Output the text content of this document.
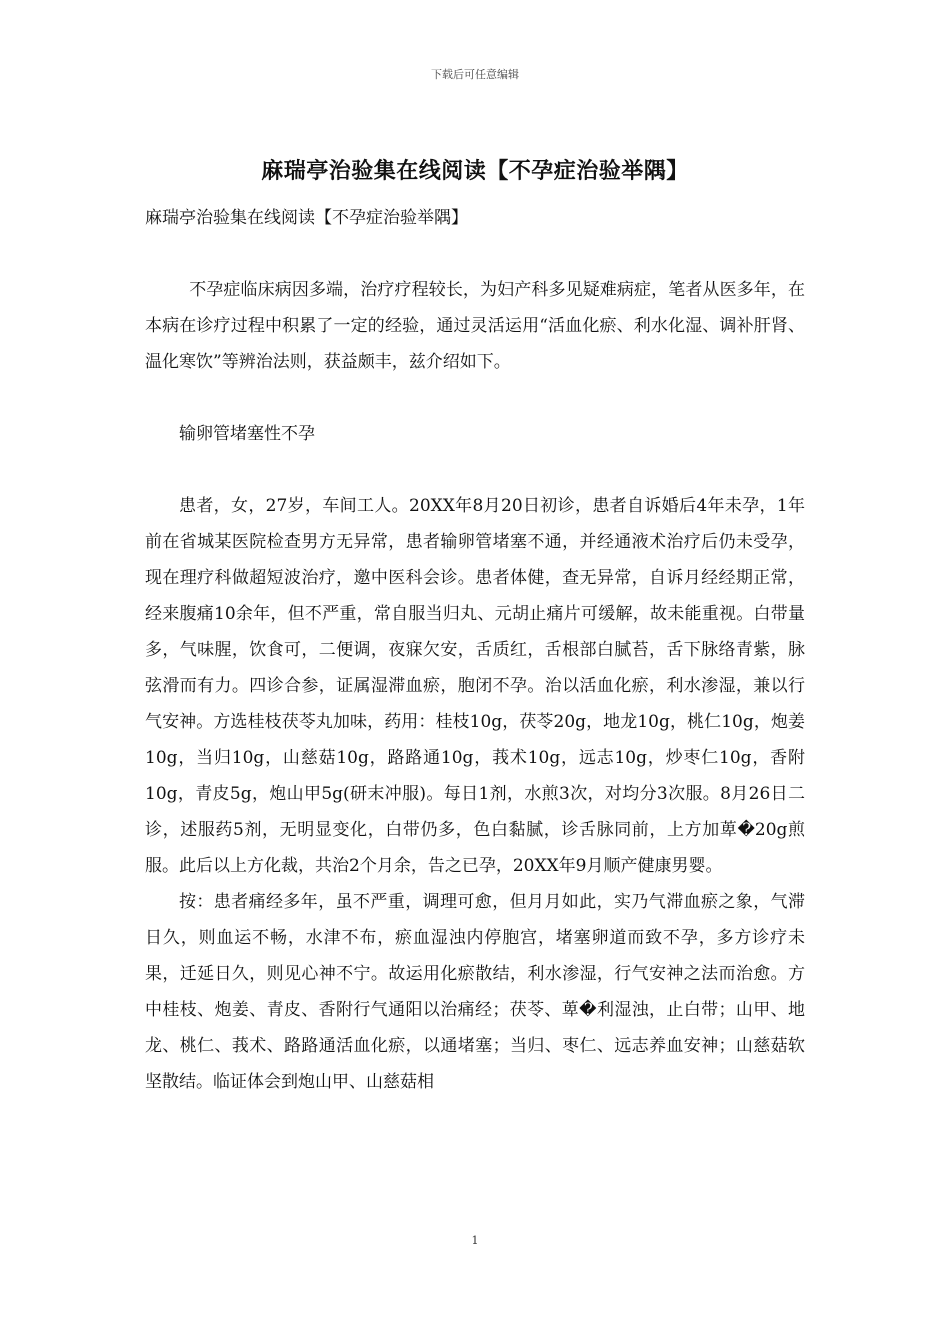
下载后可任意编辑
麻瑞亭治验集在线阅读【不孕症治验举隅】

麻瑞亭治验集在线阅读【不孕症治验举隅】

不孕症临床病因多端，治疗疗程较长，为妇产科多见疑难病症，笔者从医多年，在本病在诊疗过程中积累了一定的经验，通过灵活运用“活血化瘀、利水化湿、调补肝肾、温化寒饮”等辨治法则，获益颇丰，兹介绍如下。

输卵管堵塞性不孕

患者，女，27岁，车间工人。20XX年8月20日初诊，患者自诉婚后4年未孕，1年前在省城某医院检查男方无异常，患者输卵管堵塞不通，并经通液术治疗后仍未受孕，现在理疗科做超短波治疗，邀中医科会诊。患者体健，查无异常，自诉月经经期正常，经来腹痛10余年，但不严重，常自服当归丸、元胡止痛片可缓解，故未能重视。白带量多，气味腥，饮食可，二便调，夜寐欠安，舌质红，舌根部白腻苔，舌下脉络青紫，脉弦滑而有力。四诊合参，证属湿滞血瘀，胞闭不孕。治以活血化瘀，利水渗湿，兼以行气安神。方选桂枝茯苓丸加味，药用：桂枝10g，茯苓20g，地龙10g，桃仁10g，炮姜10g，当归10g，山慈菇10g，路路通10g，莪术10g，远志10g，炒枣仁10g，香附10g，青皮5g，炮山甲5g(研末冲服)。每日1剂，水煎3次，对均分3次服。8月26日二诊，述服药5剂，无明显变化，白带仍多，色白黏腻，诊舌脉同前，上方加萆�20g煎服。此后以上方化裁，共治2个月余，告之已孕，20XX年9月顺产健康男婴。

按：患者痛经多年，虽不严重，调理可愈，但月月如此，实乃气滞血瘀之象，气滞日久，则血运不畅，水津不布，瘀血湿浊内停胞宫，堵塞卵道而致不孕，多方诊疗未果，迁延日久，则见心神不宁。故运用化瘀散结，利水渗湿，行气安神之法而治愈。方中桂枝、炮姜、青皮、香附行气通阳以治痛经；茯苓、萆�利湿浊，止白带；山甲、地龙、桃仁、莪术、路路通活血化瘀，以通堵塞；当归、枣仁、远志养血安神；山慈菇软坚散结。临证体会到炮山甲、山慈菇相

1
